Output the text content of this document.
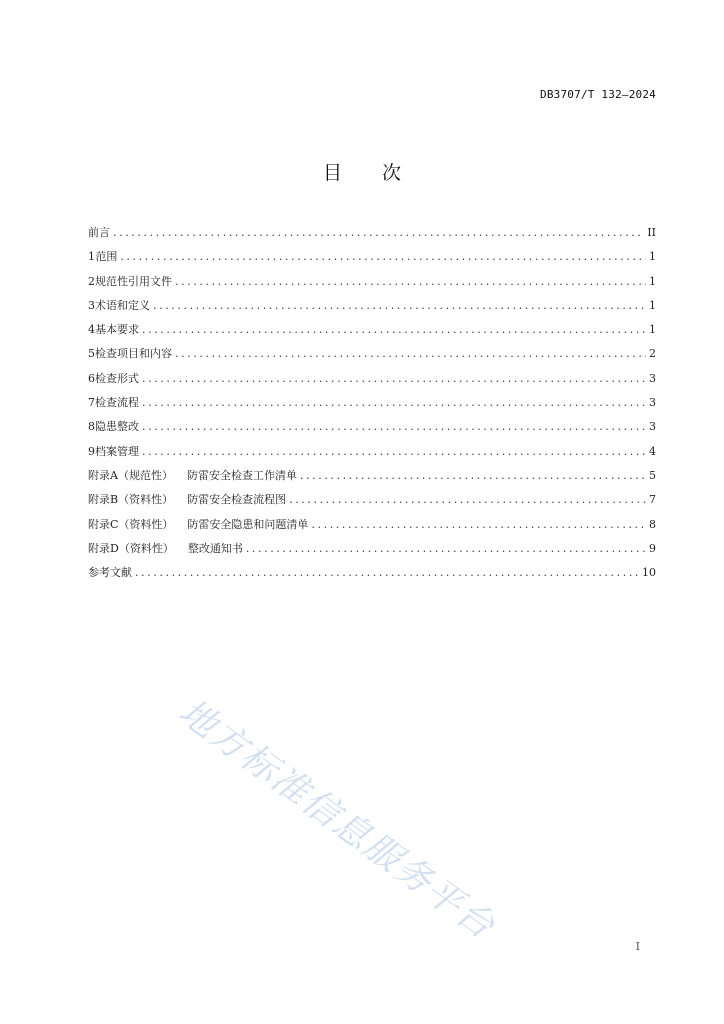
DB3707/T 132—2024
目 次
前言 .....	II
1 范围 .....	1
2 规范性引用文件 .....	1
3 术语和定义 .....	1
4 基本要求 .....	1
5 检查项目和内容 .....	2
6 检查形式 .....	3
7 检查流程 .....	3
8 隐患整改 .....	3
9 档案管理 .....	4
附录A（规范性） 防雷安全检查工作清单 .....	5
附录B（资料性） 防雷安全检查流程图 .....	7
附录C（资料性） 防雷安全隐患和问题清单 .....	8
附录D（资料性） 整改通知书 .....	9
参考文献 .....	10
地方标准信息服务平台	I
